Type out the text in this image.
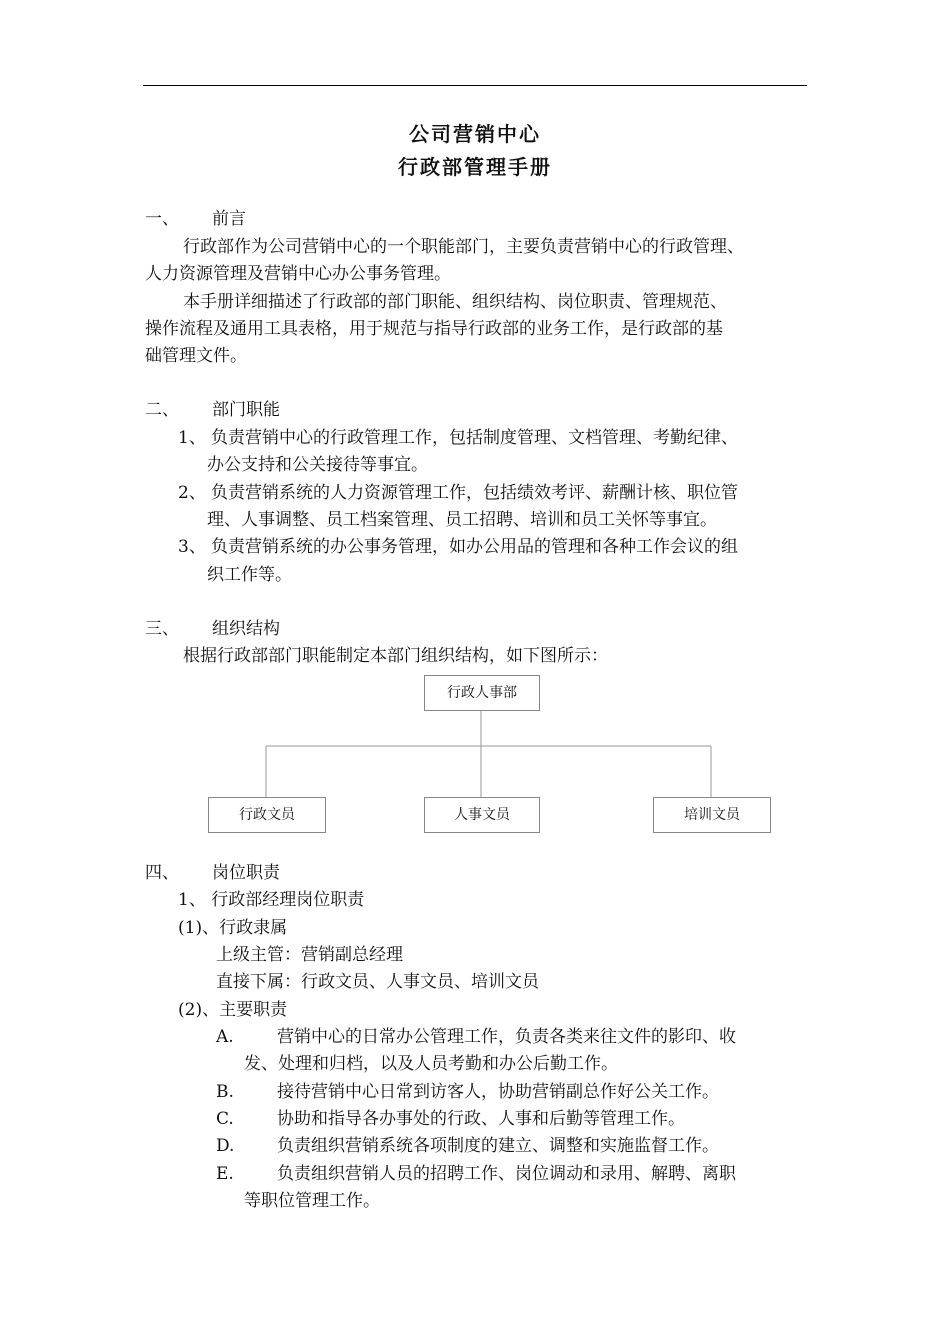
公司营销中心
行政部管理手册
一、 前言
行政部作为公司营销中心的一个职能部门，主要负责营销中心的行政管理、
人力资源管理及营销中心办公事务管理。
本手册详细描述了行政部的部门职能、组织结构、岗位职责、管理规范、
操作流程及通用工具表格，用于规范与指导行政部的业务工作，是行政部的基
础管理文件。
二、 部门职能
1、 负责营销中心的行政管理工作，包括制度管理、文档管理、考勤纪律、
办公支持和公关接待等事宜。
2、 负责营销系统的人力资源管理工作，包括绩效考评、薪酬计核、职位管
理、人事调整、员工档案管理、员工招聘、培训和员工关怀等事宜。
3、 负责营销系统的办公事务管理，如办公用品的管理和各种工作会议的组
织工作等。
三、 组织结构
根据行政部部门职能制定本部门组织结构，如下图所示：
行政人事部
行政文员	人事文员	培训文员
四、 岗位职责
1、 行政部经理岗位职责
(1)、行政隶属
上级主管：营销副总经理
直接下属：行政文员、人事文员、培训文员
(2)、主要职责
A.	营销中心的日常办公管理工作，负责各类来往文件的影印、收
发、处理和归档，以及人员考勤和办公后勤工作。
B.	接待营销中心日常到访客人，协助营销副总作好公关工作。
C.	协助和指导各办事处的行政、人事和后勤等管理工作。
D.	负责组织营销系统各项制度的建立、调整和实施监督工作。
E.	负责组织营销人员的招聘工作、岗位调动和录用、解聘、离职
等职位管理工作。
